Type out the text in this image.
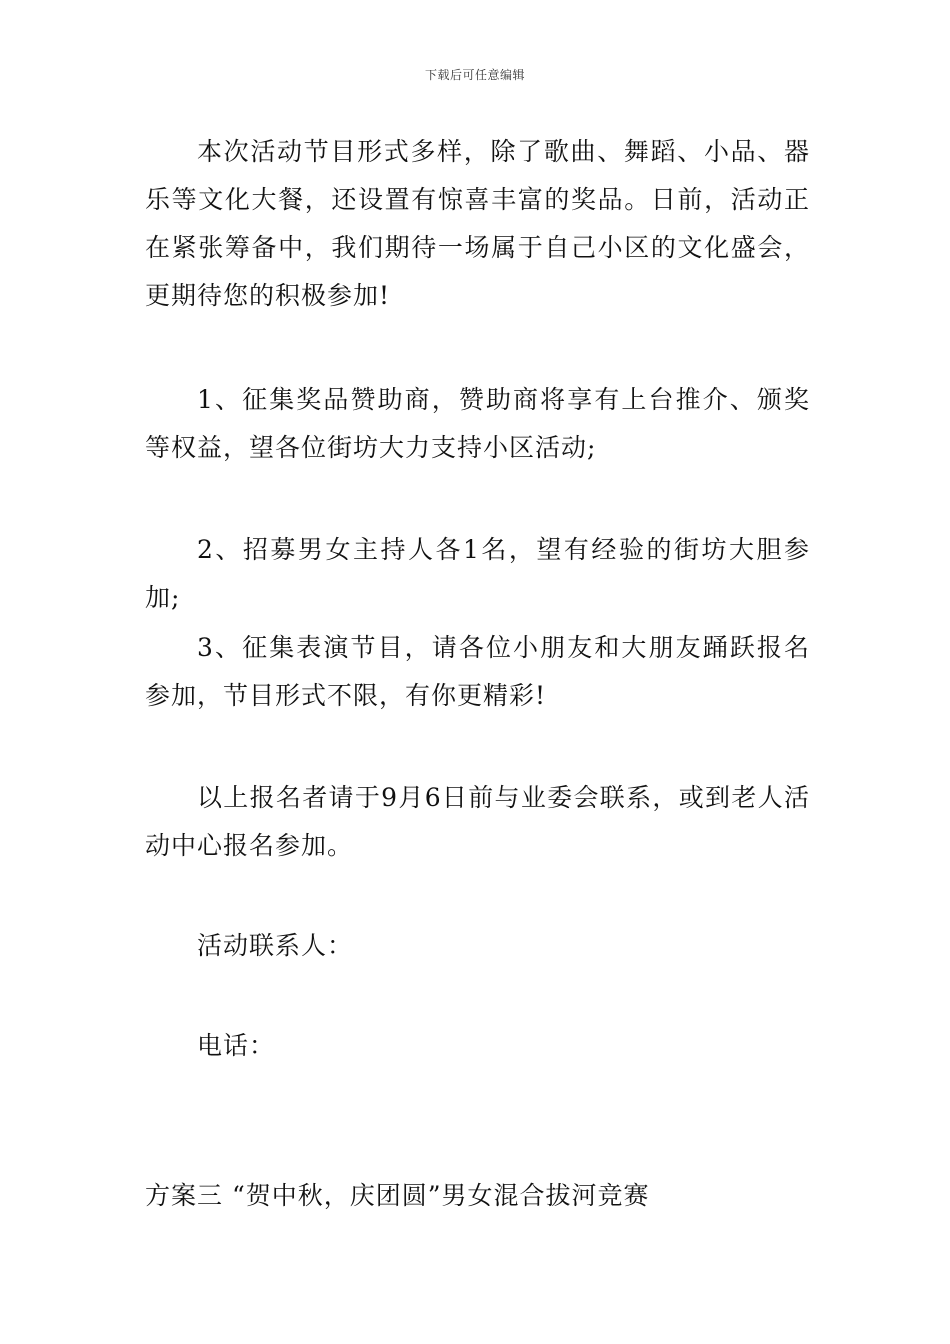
下载后可任意编辑

本次活动节目形式多样，除了歌曲、舞蹈、小品、器乐等文化大餐，还设置有惊喜丰富的奖品。日前，活动正在紧张筹备中，我们期待一场属于自己小区的文化盛会，更期待您的积极参加!

1、征集奖品赞助商，赞助商将享有上台推介、颁奖等权益，望各位街坊大力支持小区活动;

2、招募男女主持人各1名，望有经验的街坊大胆参加;

3、征集表演节目，请各位小朋友和大朋友踊跃报名参加，节目形式不限，有你更精彩!

以上报名者请于9月6日前与业委会联系，或到老人活动中心报名参加。

活动联系人：

电话：

方案三 “贺中秋，庆团圆”男女混合拔河竞赛
